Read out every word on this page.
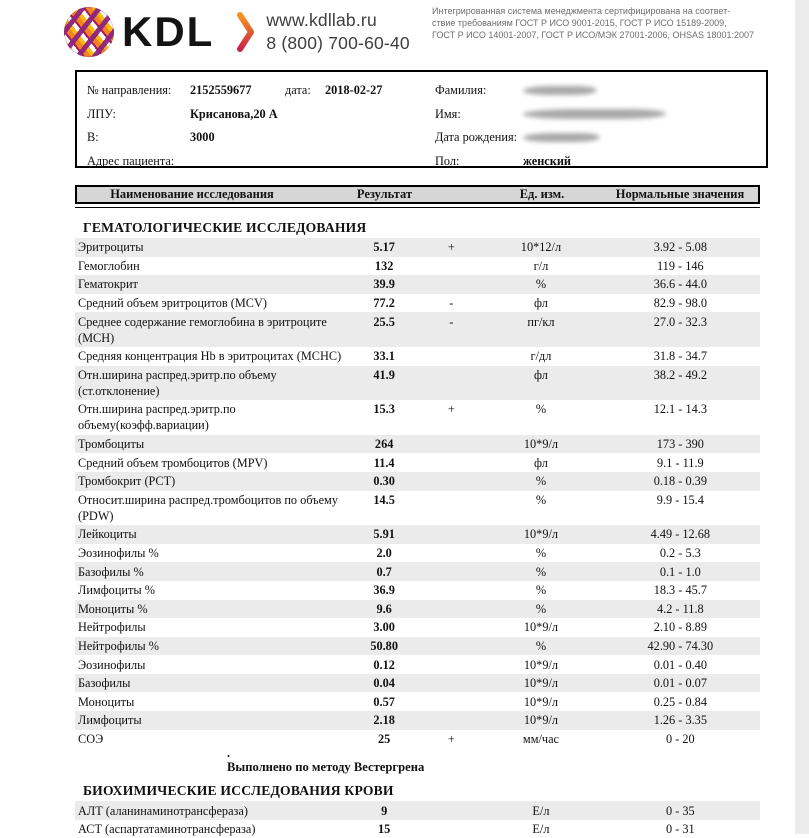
KDL	www.kdllab.ru
8 (800) 700-60-40
Интегрированная система менеджмента сертифицирована на соответ-
ствие требованиям ГОСТ Р ИСО 9001-2015, ГОСТ Р ИСО 15189-2009,
ГОСТ Р ИСО 14001-2007, ГОСТ Р ИСО/МЭК 27001-2006, OHSAS 18001:2007
№ направления:	2152559677	дата:	2018-02-27
ЛПУ:	Крисанова,20 А
В:	3000
Адрес пациента:
Фамилия:
Имя:
Дата рождения:
Пол:	женский
Наименование исследования	Результат	Ед. изм.	Нормальные значения
ГЕМАТОЛОГИЧЕСКИЕ ИССЛЕДОВАНИЯ
Эритроциты	5.17	+	10*12/л	3.92 - 5.08
Гемоглобин	132	г/л	119 - 146
Гематокрит	39.9	%	36.6 - 44.0
Средний объем эритроцитов (MCV)	77.2	-	фл	82.9 - 98.0
Среднее содержание гемоглобина в эритроците (MCH)
25.5	-	пг/кл	27.0 - 32.3
Средняя концентрация Hb в эритроцитах (MCHC)	33.1	г/дл	31.8 - 34.7
Отн.ширина распред.эритр.по объему (ст.отклонение)
41.9	фл	38.2 - 49.2
Отн.ширина распред.эритр.по объему(коэфф.вариации)
15.3	+	%	12.1 - 14.3
Тромбоциты	264	10*9/л	173 - 390
Средний объем тромбоцитов (MPV)	11.4	фл	9.1 - 11.9
Тромбокрит (PCT)	0.30	%	0.18 - 0.39
Относит.ширина распред.тромбоцитов по объему (PDW)
14.5	%	9.9 - 15.4
Лейкоциты	5.91	10*9/л	4.49 - 12.68
Эозинофилы %	2.0	%	0.2 - 5.3
Базофилы %	0.7	%	0.1 - 1.0
Лимфоциты %	36.9	%	18.3 - 45.7
Моноциты %	9.6	%	4.2 - 11.8
Нейтрофилы	3.00	10*9/л	2.10 - 8.89
Нейтрофилы %	50.80	%	42.90 - 74.30
Эозинофилы	0.12	10*9/л	0.01 - 0.40
Базофилы	0.04	10*9/л	0.01 - 0.07
Моноциты	0.57	10*9/л	0.25 - 0.84
Лимфоциты	2.18	10*9/л	1.26 - 3.35
СОЭ	25	+	мм/час	0 - 20
.
Выполнено по методу Вестергрена
БИОХИМИЧЕСКИЕ ИССЛЕДОВАНИЯ КРОВИ
АЛТ (аланинаминотрансфераза)	9	Е/л	0 - 35
АСТ (аспартатаминотрансфераза)	15	Е/л	0 - 31
